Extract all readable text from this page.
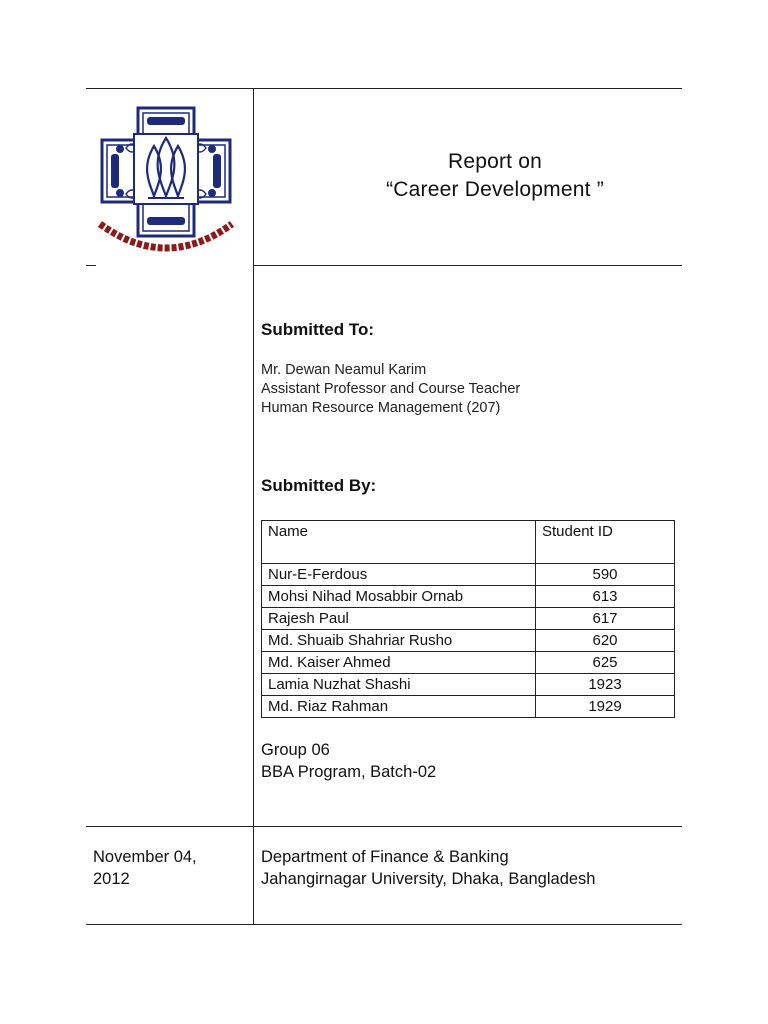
Report on
“Career Development ”
Submitted To:
Mr. Dewan Neamul Karim
Assistant Professor and Course Teacher
Human Resource Management (207)
Submitted By:
Name	Student ID
Nur-E-Ferdous	590
Mohsi Nihad Mosabbir Ornab	613
Rajesh Paul	617
Md. Shuaib Shahriar Rusho	620
Md. Kaiser Ahmed	625
Lamia Nuzhat Shashi	1923
Md. Riaz Rahman	1929
Group 06
BBA Program, Batch-02
November 04,
2012
Department of Finance & Banking
Jahangirnagar University, Dhaka, Bangladesh
